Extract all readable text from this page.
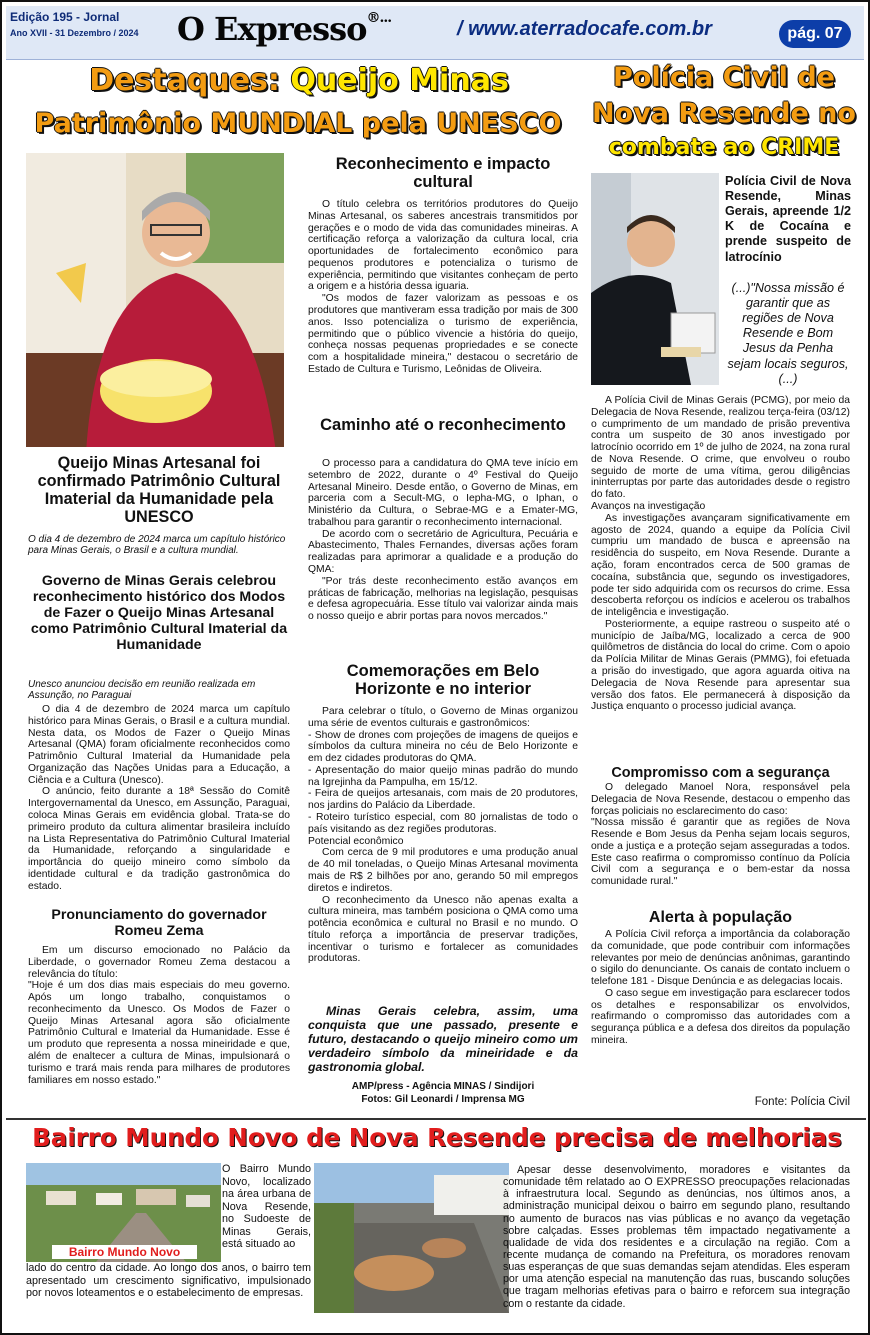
Edição 195 - Jornal
Ano XVII - 31 Dezembro / 2024 O Expresso®...	/ www.aterradocafe.com.br	pág. 07
Destaques: Queijo Minas
Patrimônio MUNDIAL pela UNESCO
Polícia Civil de
Nova Resende no
combate ao CRIME
Queijo Minas Artesanal foi confirmado Patrimônio Cultural Imaterial da Humanidade pela UNESCO
O dia 4 de dezembro de 2024 marca um capítulo histórico para Minas Gerais, o Brasil e a cultura mundial.
Governo de Minas Gerais celebrou reconhecimento histórico dos Modos de Fazer o Queijo Minas Artesanal como Patrimônio Cultural Imaterial da Humanidade
Unesco anunciou decisão em reunião realizada em Assunção, no Paraguai

O dia 4 de dezembro de 2024 marca um capítulo histórico para Minas Gerais, o Brasil e a cultura mundial. Nesta data, os Modos de Fazer o Queijo Minas Artesanal (QMA) foram oficialmente reconhecidos como Patrimônio Cultural Imaterial da Humanidade pela Organização das Nações Unidas para a Educação, a Ciência e a Cultura (Unesco).

O anúncio, feito durante a 18ª Sessão do Comitê Intergovernamental da Unesco, em Assunção, Paraguai, coloca Minas Gerais em evidência global. Trata-se do primeiro produto da cultura alimentar brasileira incluído na Lista Representativa do Patrimônio Cultural Imaterial da Humanidade, reforçando a singularidade e importância do queijo mineiro como símbolo da identidade cultural e da tradição gastronômica do estado.

Pronunciamento do governador Romeu Zema

Em um discurso emocionado no Palácio da Liberdade, o governador Romeu Zema destacou a relevância do título:

"Hoje é um dos dias mais especiais do meu governo. Após um longo trabalho, conquistamos o reconhecimento da Unesco. Os Modos de Fazer o Queijo Minas Artesanal agora são oficialmente Patrimônio Cultural e Imaterial da Humanidade. Esse é um produto que representa a nossa mineiridade e que, além de enaltecer a cultura de Minas, impulsionará o turismo e trará mais renda para milhares de produtores familiares em nosso estado."

Reconhecimento e impacto cultural

O título celebra os territórios produtores do Queijo Minas Artesanal, os saberes ancestrais transmitidos por gerações e o modo de vida das comunidades mineiras. A certificação reforça a valorização da cultura local, cria oportunidades de fortalecimento econômico para pequenos produtores e potencializa o turismo de experiência, permitindo que visitantes conheçam de perto a origem e a história dessa iguaria.

"Os modos de fazer valorizam as pessoas e os produtores que mantiveram essa tradição por mais de 300 anos. Isso potencializa o turismo de experiência, permitindo que o público vivencie a história do queijo, conheça nossas pequenas propriedades e se conecte com a hospitalidade mineira," destacou o secretário de Estado de Cultura e Turismo, Leônidas de Oliveira.

Caminho até o reconhecimento

O processo para a candidatura do QMA teve início em setembro de 2022, durante o 4º Festival do Queijo Artesanal Mineiro. Desde então, o Governo de Minas, em parceria com a Secult-MG, o Iepha-MG, o Iphan, o Ministério da Cultura, o Sebrae-MG e a Emater-MG, trabalhou para garantir o reconhecimento internacional.

De acordo com o secretário de Agricultura, Pecuária e Abastecimento, Thales Fernandes, diversas ações foram realizadas para aprimorar a qualidade e a produção do QMA:

"Por trás deste reconhecimento estão avanços em práticas de fabricação, melhorias na legislação, pesquisas e defesa agropecuária. Esse título vai valorizar ainda mais o nosso queijo e abrir portas para novos mercados."

Comemorações em Belo Horizonte e no interior

Para celebrar o título, o Governo de Minas organizou uma série de eventos culturais e gastronômicos:

- Show de drones com projeções de imagens de queijos e símbolos da cultura mineira no céu de Belo Horizonte e em dez cidades produtoras do QMA.

- Apresentação do maior queijo minas padrão do mundo na Igrejinha da Pampulha, em 15/12.

- Feira de queijos artesanais, com mais de 20 produtores, nos jardins do Palácio da Liberdade.

- Roteiro turístico especial, com 80 jornalistas de todo o país visitando as dez regiões produtoras.

Potencial econômico

Com cerca de 9 mil produtores e uma produção anual de 40 mil toneladas, o Queijo Minas Artesanal movimenta mais de R$ 2 bilhões por ano, gerando 50 mil empregos diretos e indiretos.

O reconhecimento da Unesco não apenas exalta a cultura mineira, mas também posiciona o QMA como uma potência econômica e cultural no Brasil e no mundo. O título reforça a importância de preservar tradições, incentivar o turismo e fortalecer as comunidades produtoras.

Minas Gerais celebra, assim, uma conquista que une passado, presente e futuro, destacando o queijo mineiro como um verdadeiro símbolo da mineiridade e da gastronomia global.
AMP/press - Agência MINAS / Sindijori
Fotos: Gil Leonardi / Imprensa MG
Polícia Civil de Nova Resende, Minas Gerais, apreende 1/2 K de Cocaína e prende suspeito de latrocínio
(...)"Nossa missão é garantir que as regiões de Nova Resende e Bom Jesus da Penha sejam locais seguros,(...)

A Polícia Civil de Minas Gerais (PCMG), por meio da Delegacia de Nova Resende, realizou terça-feira (03/12) o cumprimento de um mandado de prisão preventiva contra um suspeito de 30 anos investigado por latrocínio ocorrido em 1º de julho de 2024, na zona rural de Nova Resende. O crime, que envolveu o roubo seguido de morte de uma vítima, gerou diligências ininterruptas por parte das autoridades desde o registro do fato.

Avanços na investigação

As investigações avançaram significativamente em agosto de 2024, quando a equipe da Polícia Civil cumpriu um mandado de busca e apreensão na residência do suspeito, em Nova Resende. Durante a ação, foram encontrados cerca de 500 gramas de cocaína, substância que, segundo os investigadores, pode ter sido adquirida com os recursos do crime. Essa descoberta reforçou os indícios e acelerou os trabalhos de inteligência e investigação.

Posteriormente, a equipe rastreou o suspeito até o município de Jaíba/MG, localizado a cerca de 900 quilômetros de distância do local do crime. Com o apoio da Polícia Militar de Minas Gerais (PMMG), foi efetuada a prisão do investigado, que agora aguarda oitiva na Delegacia de Nova Resende para apresentar sua versão dos fatos. Ele permanecerá à disposição da Justiça enquanto o processo judicial avança.

Compromisso com a segurança

O delegado Manoel Nora, responsável pela Delegacia de Nova Resende, destacou o empenho das forças policiais no esclarecimento do caso:

"Nossa missão é garantir que as regiões de Nova Resende e Bom Jesus da Penha sejam locais seguros, onde a justiça e a proteção sejam asseguradas a todos. Este caso reafirma o compromisso contínuo da Polícia Civil com a segurança e o bem-estar da nossa comunidade rural."

Alerta à população

A Polícia Civil reforça a importância da colaboração da comunidade, que pode contribuir com informações relevantes por meio de denúncias anônimas, garantindo o sigilo do denunciante. Os canais de contato incluem o telefone 181 - Disque Denúncia e as delegacias locais.

O caso segue em investigação para esclarecer todos os detalhes e responsabilizar os envolvidos, reafirmando o compromisso das autoridades com a segurança pública e a defesa dos direitos da população mineira.

Fonte: Polícia Civil
Bairro Mundo Novo de Nova Resende precisa de melhorias
Bairro Mundo Novo
O Bairro Mundo Novo, localizado na área urbana de Nova Resende, no Sudoeste de Minas Gerais, está situado ao
lado do centro da cidade. Ao longo dos anos, o bairro tem apresentado um crescimento significativo, impulsionado por novos loteamentos e o estabelecimento de empresas.
Apesar desse desenvolvimento, moradores e visitantes da comunidade têm relatado ao O EXPRESSO preocupações relacionadas à infraestrutura local. Segundo as denúncias, nos últimos anos, a administração municipal deixou o bairro em segundo plano, resultando no aumento de buracos nas vias públicas e no avanço da vegetação sobre calçadas. Esses problemas têm impactado negativamente a qualidade de vida dos residentes e a circulação na região. Com a recente mudança de comando na Prefeitura, os moradores renovam suas esperanças de que suas demandas sejam atendidas. Eles esperam por uma atenção especial na manutenção das ruas, buscando soluções que tragam melhorias efetivas para o bairro e reforcem sua integração com o restante da cidade.
